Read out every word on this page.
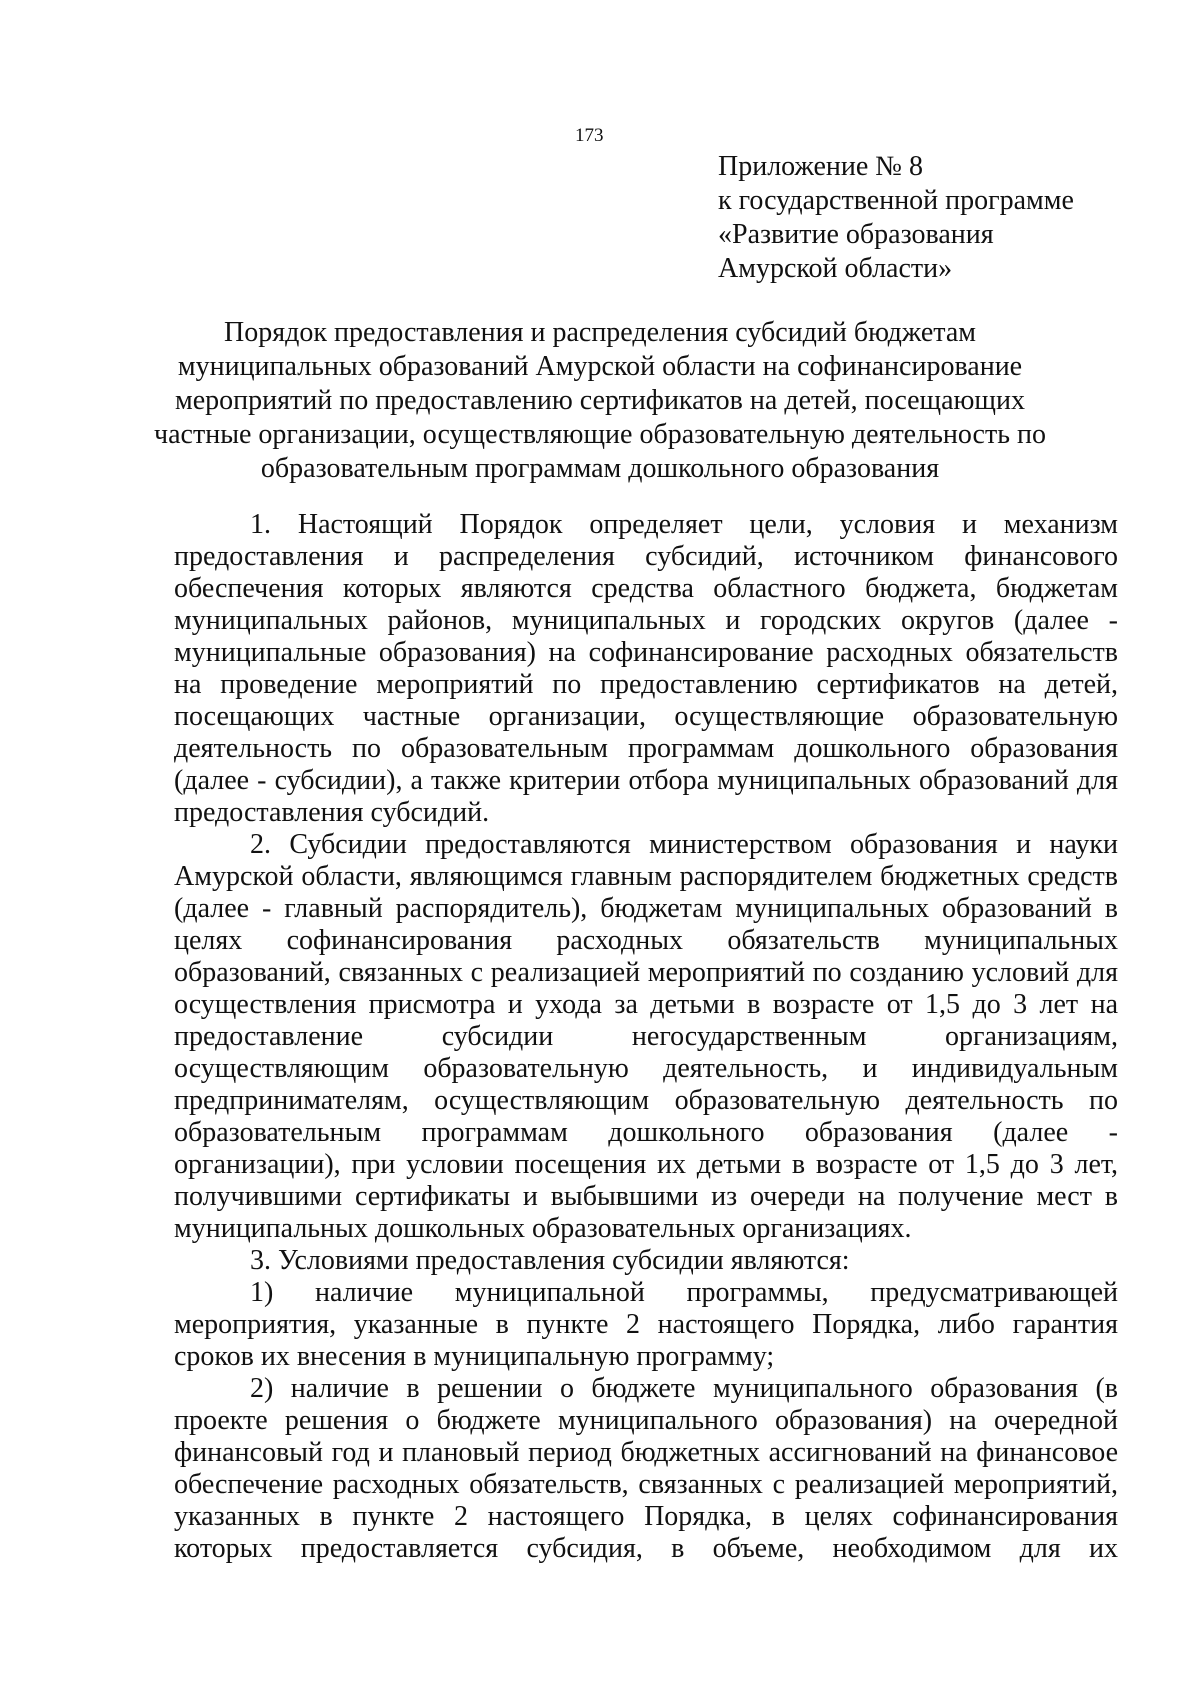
173
Приложение № 8
к государственной программе
«Развитие образования
Амурской области»
Порядок предоставления и распределения субсидий бюджетам
муниципальных образований Амурской области на софинансирование
мероприятий по предоставлению сертификатов на детей, посещающих
частные организации, осуществляющие образовательную деятельность по
образовательным программам дошкольного образования

1. Настоящий Порядок определяет цели, условия и механизм предоставления и распределения субсидий, источником финансового обеспечения которых являются средства областного бюджета, бюджетам муниципальных районов, муниципальных и городских округов (далее - муниципальные образования) на софинансирование расходных обязательств на проведение мероприятий по предоставлению сертификатов на детей, посещающих частные организации, осуществляющие образовательную деятельность по образовательным программам дошкольного образования (далее - субсидии), а также критерии отбора муниципальных образований для предоставления субсидий.

2. Субсидии предоставляются министерством образования и науки Амурской области, являющимся главным распорядителем бюджетных средств (далее - главный распорядитель), бюджетам муниципальных образований в целях софинансирования расходных обязательств муниципальных образований, связанных с реализацией мероприятий по созданию условий для осуществления присмотра и ухода за детьми в возрасте от 1,5 до 3 лет на предоставление субсидии негосударственным организациям, осуществляющим образовательную деятельность, и индивидуальным предпринимателям, осуществляющим образовательную деятельность по образовательным программам дошкольного образования (далее - организации), при условии посещения их детьми в возрасте от 1,5 до 3 лет, получившими сертификаты и выбывшими из очереди на получение мест в муниципальных дошкольных образовательных организациях.

3. Условиями предоставления субсидии являются:

1) наличие муниципальной программы, предусматривающей мероприятия, указанные в пункте 2 настоящего Порядка, либо гарантия сроков их внесения в муниципальную программу;

2) наличие в решении о бюджете муниципального образования (в проекте решения о бюджете муниципального образования) на очередной финансовый год и плановый период бюджетных ассигнований на финансовое обеспечение расходных обязательств, связанных с реализацией мероприятий, указанных в пункте 2 настоящего Порядка, в целях софинансирования которых предоставляется субсидия, в объеме, необходимом для их
